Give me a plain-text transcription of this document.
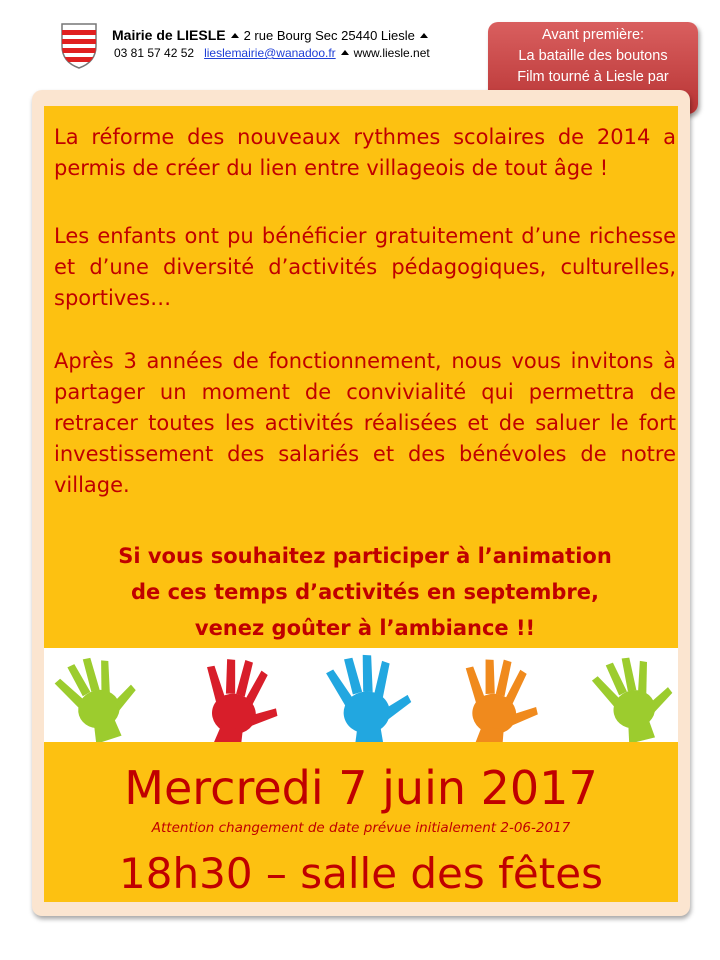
Mairie de LIESLE 2 rue Bourg Sec 25440 Liesle
03 81 57 42 52 lieslemairie@wanadoo.fr www.liesle.net
Avant première:
La bataille des boutons
Film tourné à Liesle par
La réforme des nouveaux rythmes scolaires de 2014 a permis de créer du lien entre villageois de tout âge !
Les enfants ont pu bénéficier gratuitement d’une richesse et d’une diversité d’activités pédagogiques, culturelles, sportives…
Après 3 années de fonctionnement, nous vous invitons à partager un moment de convivialité qui permettra de retracer toutes les activités réalisées et de saluer le fort investissement des salariés et des bénévoles de notre village.
Si vous souhaitez participer à l’animation
de ces temps d’activités en septembre,
venez goûter à l’ambiance !!
Mercredi 7 juin 2017
Attention changement de date prévue initialement 2-06-2017
18h30 – salle des fêtes
